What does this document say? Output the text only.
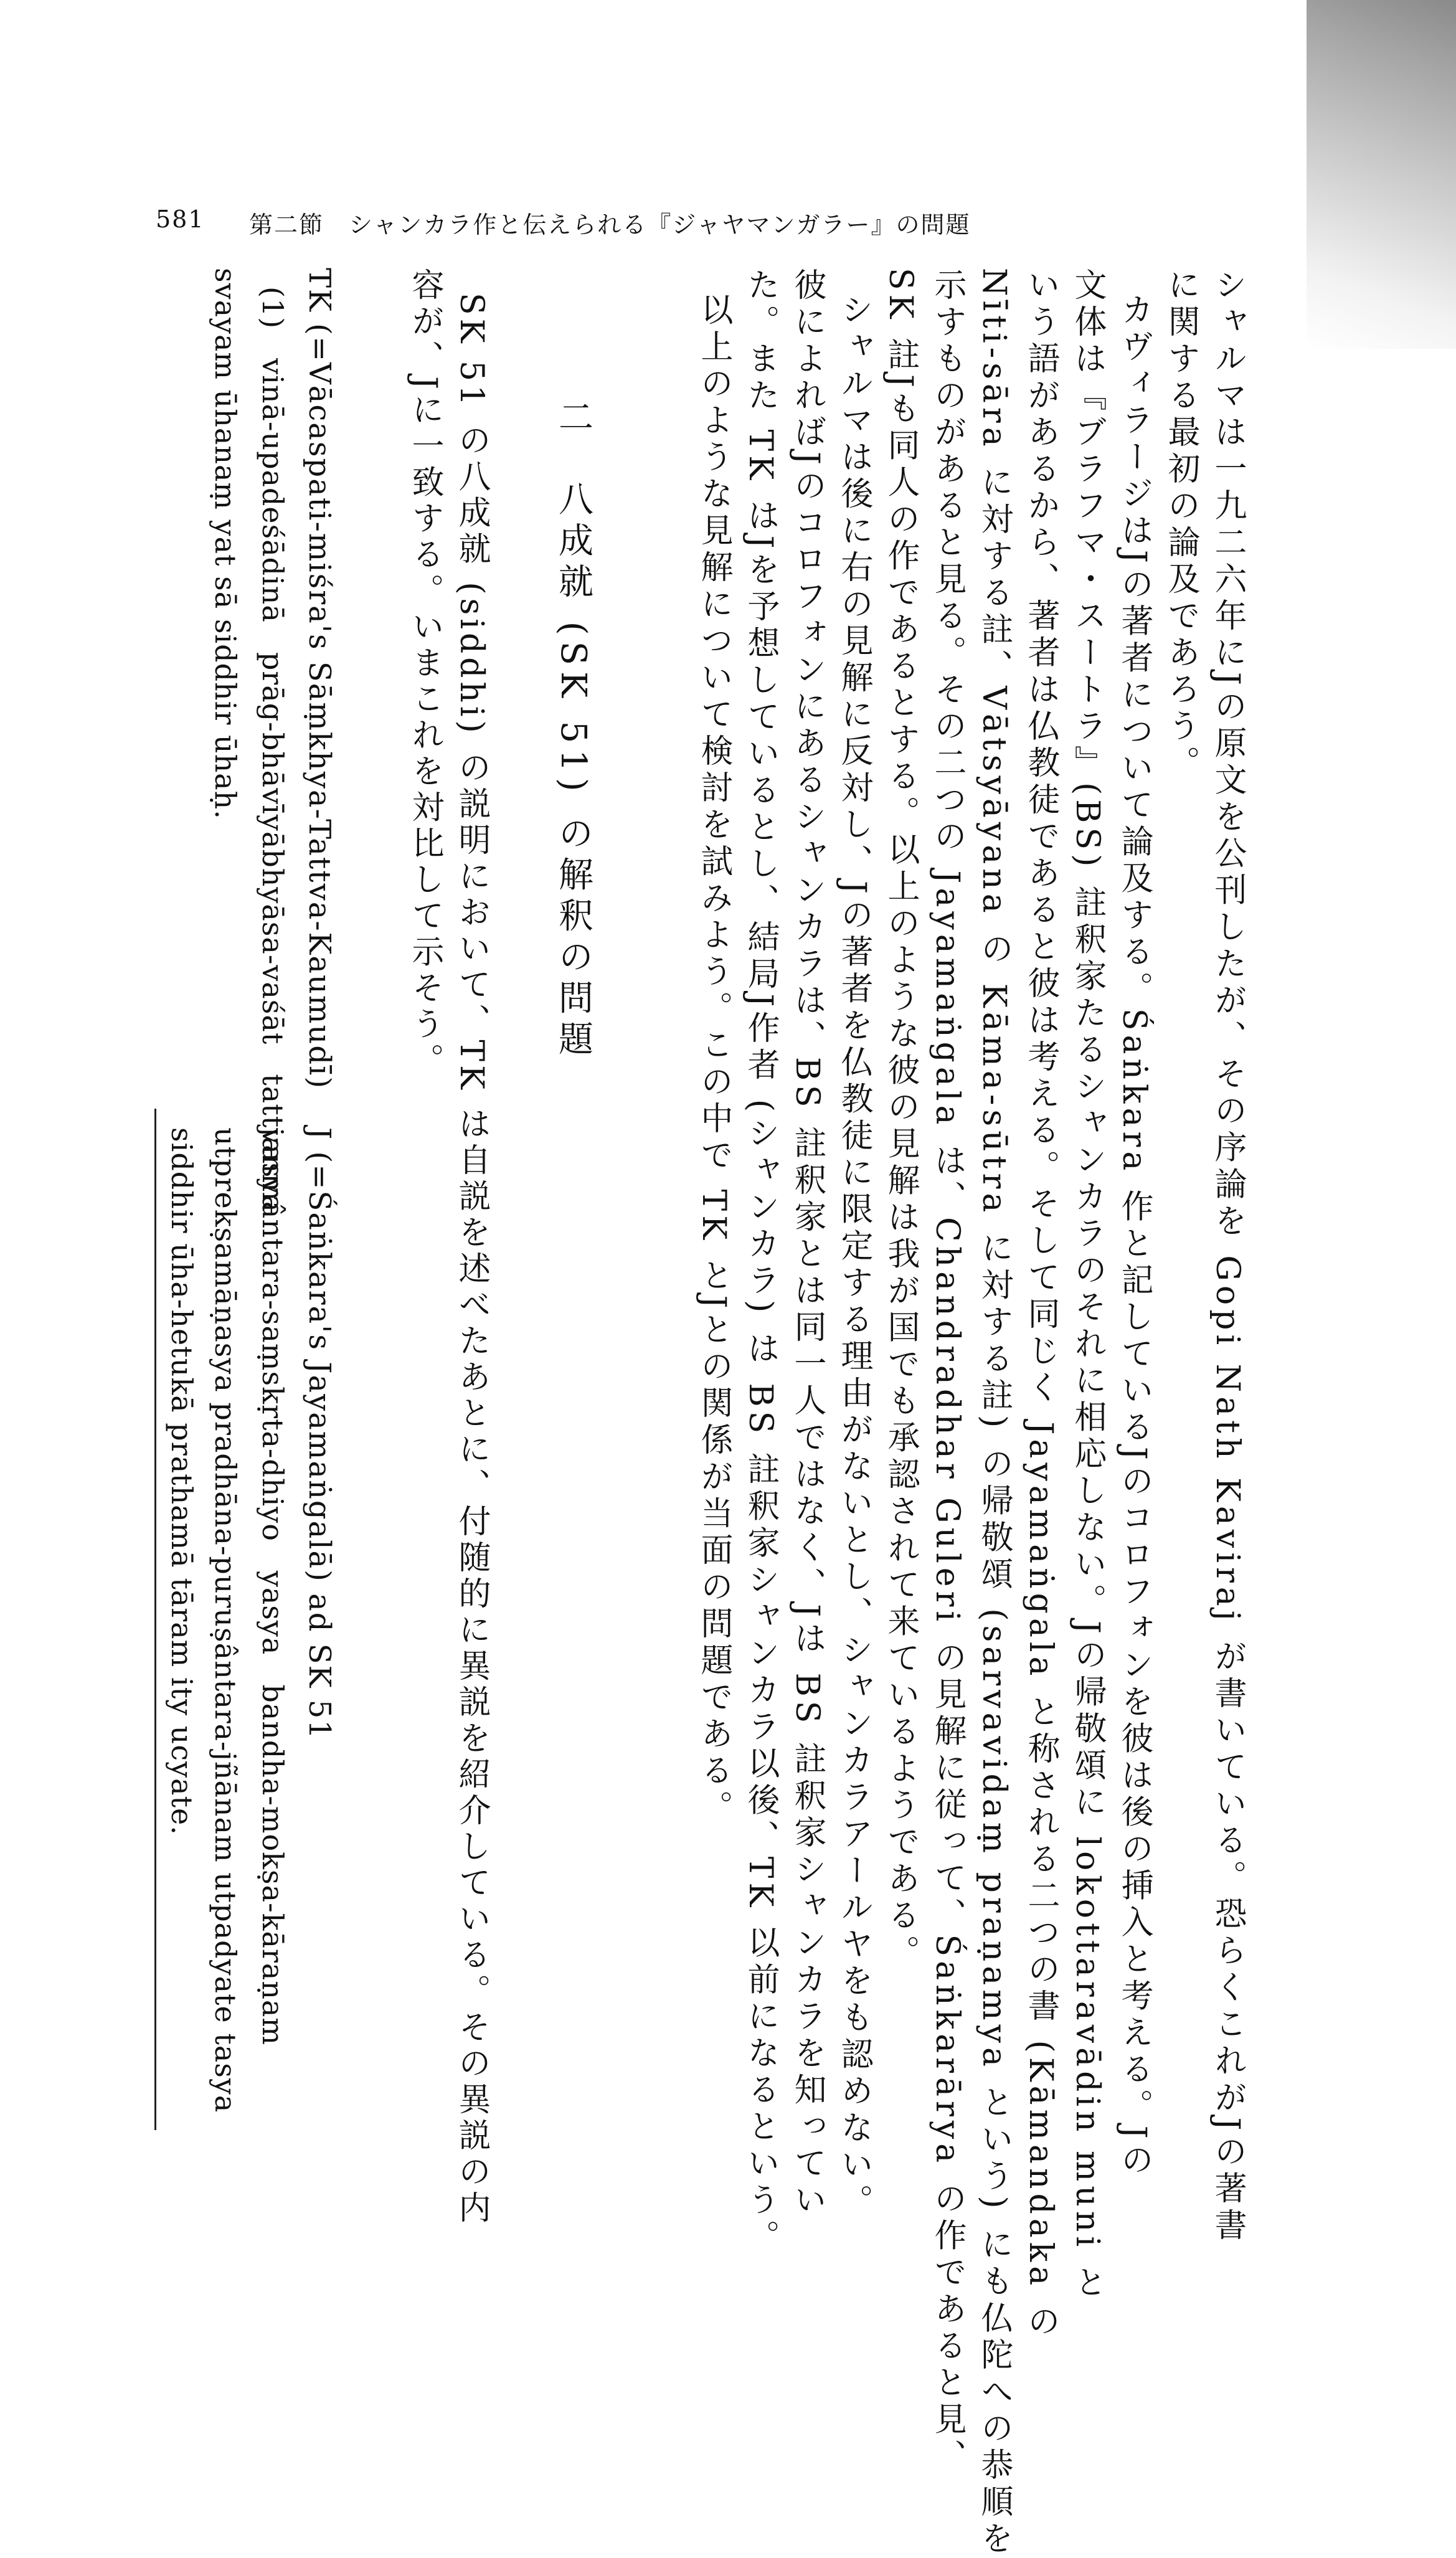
581 第二節　シャンカラ作と伝えられる『ジャヤマンガラー』の問題
シャルマは一九二六年にJの原文を公刊したが、その序論を Gopi Nath Kaviraj が書いている。恐らくこれがJの著書
に関する最初の論及であろう。
カヴィラージはJの著者について論及する。Śaṅkara 作と記しているJのコロフォンを彼は後の挿入と考える。Jの
文体は『ブラフマ・スートラ』(BS) 註釈家たるシャンカラのそれに相応しない。Jの帰敬頌に lokottaravādin muni と
いう語があるから、著者は仏教徒であると彼は考える。そして同じく Jayamaṅgala と称される二つの書 (Kāmandaka の
Nīti-sāra に対する註、Vātsyāyana の Kāma-sūtra に対する註) の帰敬頌 (sarvavidaṃ praṇamya という) にも仏陀への恭順を
示すものがあると見る。その二つの Jayamaṅgala は、Chandradhar Guleri の見解に従って、Śaṅkarārya の作であると見、
SK 註Jも同人の作であるとする。以上のような彼の見解は我が国でも承認されて来ているようである。
シャルマは後に右の見解に反対し、Jの著者を仏教徒に限定する理由がないとし、シャンカラアールヤをも認めない。
彼によればJのコロフォンにあるシャンカラは、BS 註釈家とは同一人ではなく、Jは BS 註釈家シャンカラを知ってい
た。また TK はJを予想しているとし、結局J作者 (シャンカラ) は BS 註釈家シャンカラ以後、TK 以前になるという。
以上のような見解について検討を試みよう。この中で TK とJとの関係が当面の問題である。
二　八成就 (SK 51) の解釈の問題
SK 51 の八成就 (siddhi) の説明において、TK は自説を述べたあとに、付随的に異説を紹介している。その異説の内
容が、Jに一致する。いまこれを対比して示そう。
TK (=Vācaspati-miśra's Sāṃkhya-Tattva-Kaumudī)
(1)　vinā-upadeśādinā　prāg-bhāvīyābhyāsa-vaśāt　tattvasya
svayam ūhanaṃ yat sā siddhir ūhaḥ.
J (=Śaṅkara's Jayamaṅgalā) ad SK 51
janmântara-saṃskṛta-dhiyo　yasya　bandha-mokṣa-kāraṇam
utprekṣamāṇasya pradhāna-puruṣântara-jñānam utpadyate tasya
siddhir ūha-hetukā prathamā tāram ity ucyate.
